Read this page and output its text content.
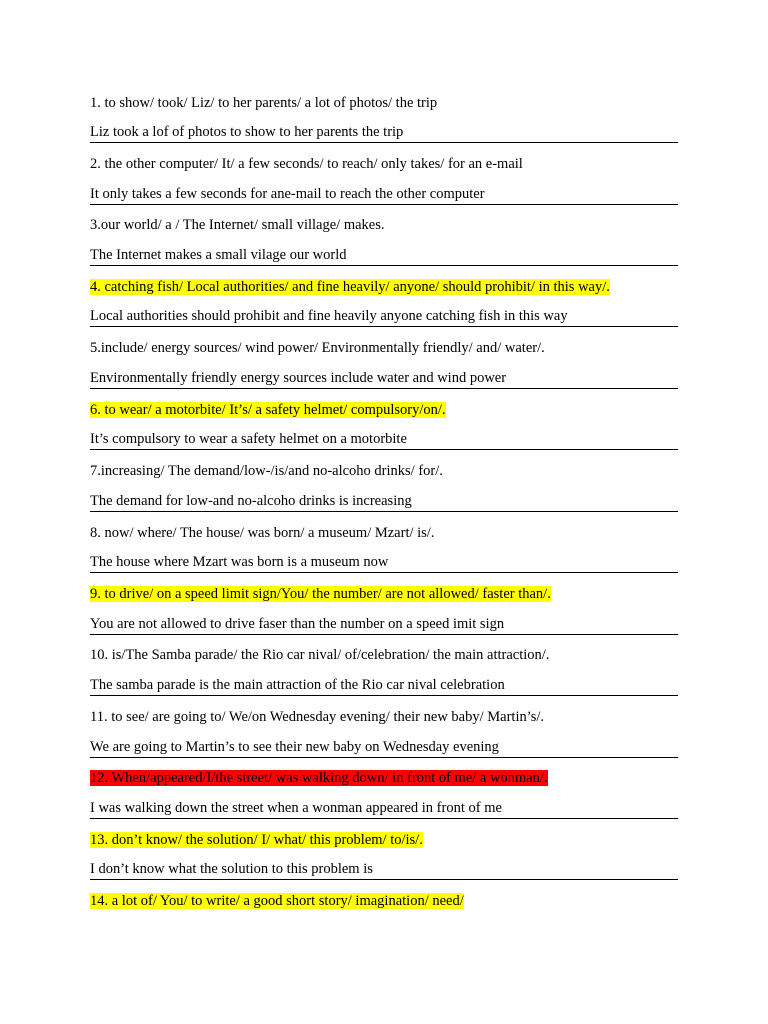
1. to show/ took/ Liz/ to her parents/ a lot of photos/ the trip
Liz took a lof of photos to show to her parents the trip
2. the other computer/ It/ a few seconds/ to reach/ only takes/ for an e-mail
It only takes a few seconds for ane-mail to reach the other computer
3.our world/ a / The Internet/ small village/ makes.
The Internet makes a small vilage our world
4. catching fish/ Local authorities/ and fine heavily/ anyone/ should prohibit/ in this way/.
Local authorities should prohibit and fine heavily anyone catching fish in this way
5.include/ energy sources/ wind power/ Environmentally friendly/ and/ water/.
Environmentally friendly energy sources include water and wind power
6. to wear/ a motorbite/ It’s/ a safety helmet/ compulsory/on/.
It’s compulsory to wear a safety helmet on a motorbite
7.increasing/ The demand/low-/is/and no-alcoho drinks/ for/.
The demand for low-and no-alcoho drinks is increasing
8. now/ where/ The house/ was born/ a museum/ Mzart/ is/.
The house where Mzart was born is a museum now
9. to drive/ on a speed limit sign/You/ the number/ are not allowed/ faster than/.
You are not allowed to drive faser than the number on a speed imit sign
10. is/The Samba parade/ the Rio car nival/ of/celebration/ the main attraction/.
The samba parade is the main attraction of the Rio car nival celebration
11. to see/ are going to/ We/on Wednesday evening/ their new baby/ Martin’s/.
We are going to Martin’s to see their new baby on Wednesday evening
12. When/appeared/I/the street/ was walking down/ in front of me/ a wonman/.
I was walking down the street when a wonman appeared in front of me
13. don’t know/ the solution/ I/ what/ this problem/ to/is/.
I don’t know what the solution to this problem is
14. a lot of/ You/ to write/ a good short story/ imagination/ need/
